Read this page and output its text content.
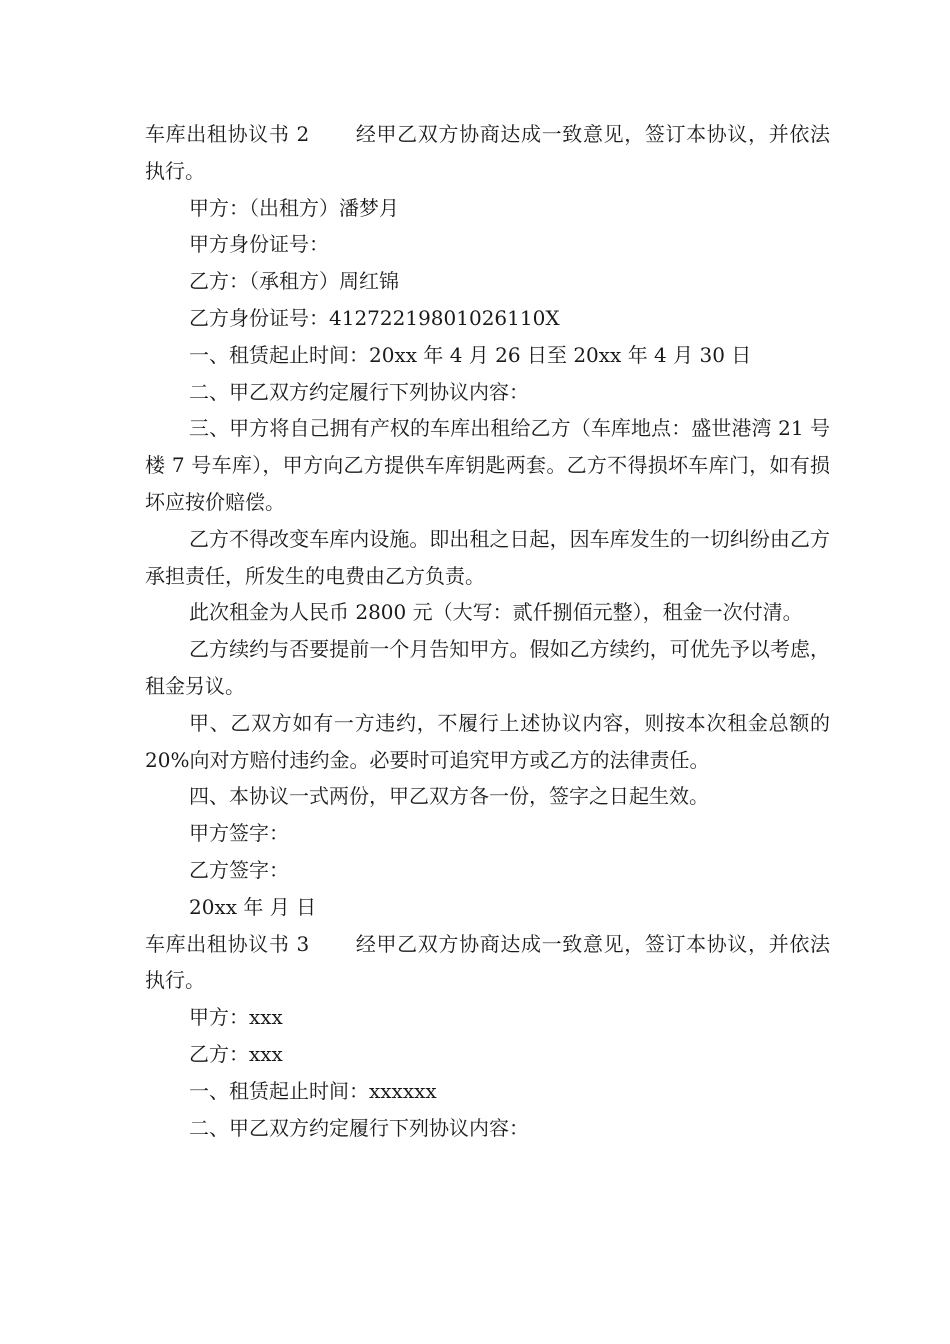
车库出租协议书 2 经甲乙双方协商达成一致意见，签订本协议，并依法执行。

甲方：（出租方）潘梦月

甲方身份证号：

乙方：（承租方）周红锦

乙方身份证号：41272219801026110X

一、租赁起止时间：20xx 年 4 月 26 日至 20xx 年 4 月 30 日

二、甲乙双方约定履行下列协议内容：

三、甲方将自己拥有产权的车库出租给乙方（车库地点：盛世港湾 21 号楼 7 号车库），甲方向乙方提供车库钥匙两套。乙方不得损坏车库门，如有损坏应按价赔偿。

乙方不得改变车库内设施。即出租之日起，因车库发生的一切纠纷由乙方承担责任，所发生的电费由乙方负责。

此次租金为人民币 2800 元（大写：贰仟捌佰元整），租金一次付清。

乙方续约与否要提前一个月告知甲方。假如乙方续约，可优先予以考虑，租金另议。

甲、乙双方如有一方违约，不履行上述协议内容，则按本次租金总额的 20%向对方赔付违约金。必要时可追究甲方或乙方的法律责任。

四、本协议一式两份，甲乙双方各一份，签字之日起生效。

甲方签字：

乙方签字：

20xx 年 月 日

车库出租协议书 3 经甲乙双方协商达成一致意见，签订本协议，并依法执行。

甲方：xxx

乙方：xxx

一、租赁起止时间：xxxxxx

二、甲乙双方约定履行下列协议内容：
